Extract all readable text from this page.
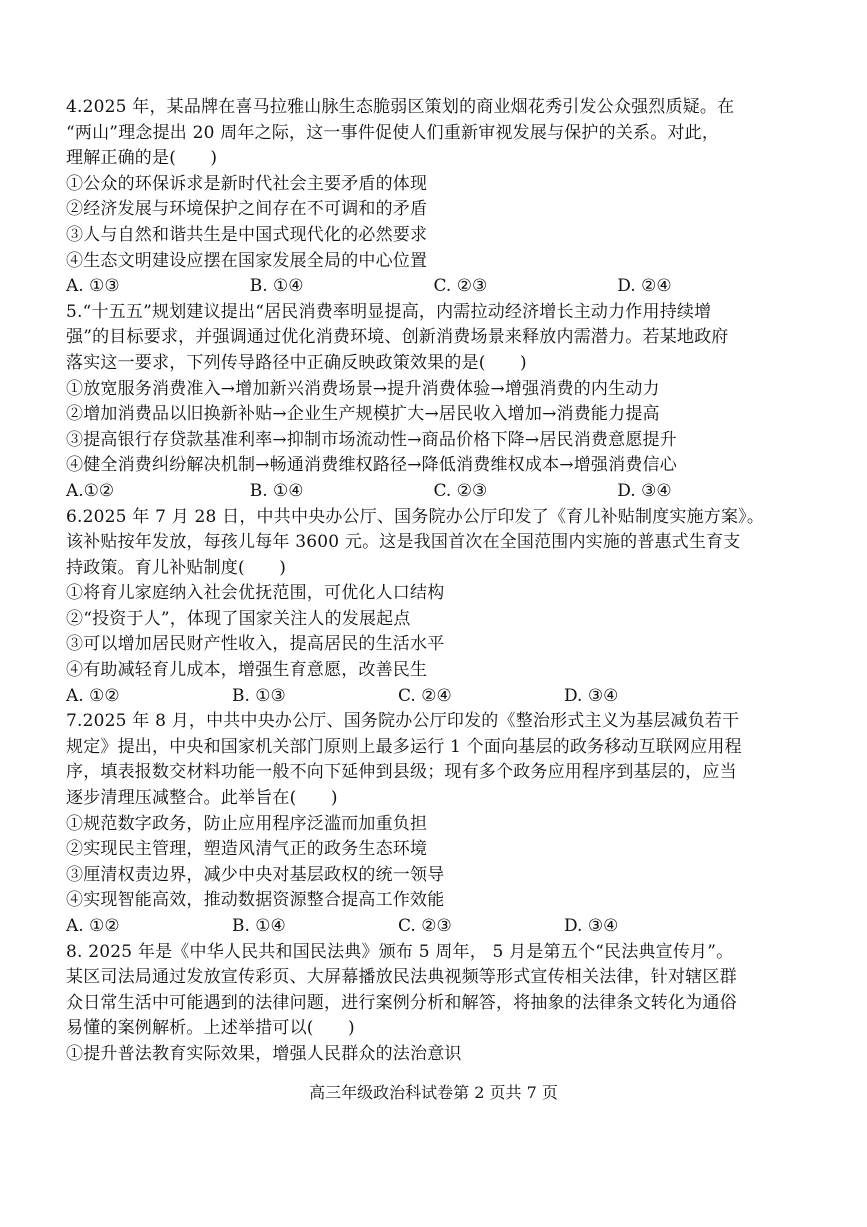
4.2025 年，某品牌在喜马拉雅山脉生态脆弱区策划的商业烟花秀引发公众强烈质疑。在
“两山”理念提出 20 周年之际，这一事件促使人们重新审视发展与保护的关系。对此，
理解正确的是(　　)
①公众的环保诉求是新时代社会主要矛盾的体现
②经济发展与环境保护之间存在不可调和的矛盾
③人与自然和谐共生是中国式现代化的必然要求
④生态文明建设应摆在国家发展全局的中心位置
A. ①③	B. ①④	C. ②③	D. ②④
5.“十五五”规划建议提出“居民消费率明显提高，内需拉动经济增长主动力作用持续增
强”的目标要求，并强调通过优化消费环境、创新消费场景来释放内需潜力。若某地政府
落实这一要求，下列传导路径中正确反映政策效果的是(　　)
①放宽服务消费准入→增加新兴消费场景→提升消费体验→增强消费的内生动力
②增加消费品以旧换新补贴→企业生产规模扩大→居民收入增加→消费能力提高
③提高银行存贷款基准利率→抑制市场流动性→商品价格下降→居民消费意愿提升
④健全消费纠纷解决机制→畅通消费维权路径→降低消费维权成本→增强消费信心
A.①②	B. ①④	C. ②③	D. ③④
6.2025 年 7 月 28 日，中共中央办公厅、国务院办公厅印发了《育儿补贴制度实施方案》。
该补贴按年发放，每孩儿每年 3600 元。这是我国首次在全国范围内实施的普惠式生育支
持政策。育儿补贴制度(　　)
①将育儿家庭纳入社会优抚范围，可优化人口结构
②“投资于人”，体现了国家关注人的发展起点
③可以增加居民财产性收入，提高居民的生活水平
④有助减轻育儿成本，增强生育意愿，改善民生
A. ①②	B. ①③	C. ②④	D. ③④
7.2025 年 8 月，中共中央办公厅、国务院办公厅印发的《整治形式主义为基层减负若干
规定》提出，中央和国家机关部门原则上最多运行 1 个面向基层的政务移动互联网应用程
序，填表报数交材料功能一般不向下延伸到县级；现有多个政务应用程序到基层的，应当
逐步清理压减整合。此举旨在(　　)
①规范数字政务，防止应用程序泛滥而加重负担
②实现民主管理，塑造风清气正的政务生态环境
③厘清权责边界，减少中央对基层政权的统一领导
④实现智能高效，推动数据资源整合提高工作效能
A. ①②	B. ①④	C. ②③	D. ③④
8. 2025 年是《中华人民共和国民法典》颁布 5 周年， 5 月是第五个“民法典宣传月”。
某区司法局通过发放宣传彩页、大屏幕播放民法典视频等形式宣传相关法律，针对辖区群
众日常生活中可能遇到的法律问题，进行案例分析和解答，将抽象的法律条文转化为通俗
易懂的案例解析。上述举措可以(　　)
①提升普法教育实际效果，增强人民群众的法治意识
高三年级政治科试卷第 2 页共 7 页
